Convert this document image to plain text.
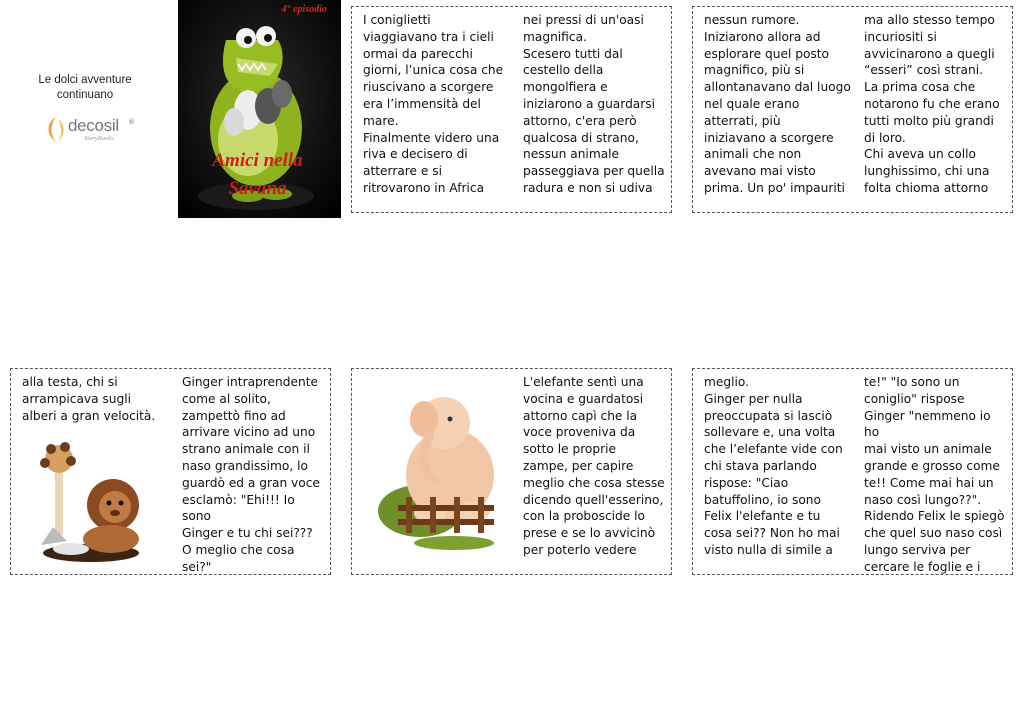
Le dolci avventure continuano

decosil ®
StoryBooks
4° episodio
Amici nella
Savana

I coniglietti
viaggiavano tra i cieli
ormai da parecchi
giorni, l’unica cosa che
riuscivano a scorgere
era l’immensità del
mare.
Finalmente videro una
riva e decisero di
atterrare e si
ritrovarono in Africa

nei pressi di un'oasi
magnifica.
Scesero tutti dal
cestello della
mongolfiera e
iniziarono a guardarsi
attorno, c'era però
qualcosa di strano,
nessun animale
passeggiava per quella
radura e non si udiva

nessun rumore.
Iniziarono allora ad
esplorare quel posto
magnifico, più si
allontanavano dal luogo
nel quale erano
atterrati, più
iniziavano a scorgere
animali che non
avevano mai visto
prima. Un po' impauriti

ma allo stesso tempo
incuriositi si
avvicinarono a quegli
“esseri” così strani.
La prima cosa che
notarono fu che erano
tutti molto più grandi
di loro.
Chi aveva un collo
lunghissimo, chi una
folta chioma attorno

alla testa, chi si
arrampicava sugli
alberi a gran velocità.

Ginger intraprendente
come al solito,
zampettò fino ad
arrivare vicino ad uno
strano animale con il
naso grandissimo, lo
guardò ed a gran voce
esclamò: "Ehi!!! Io sono
Ginger e tu chi sei???
O meglio che cosa
sei?"

L'elefante sentì una
vocina e guardatosi
attorno capì che la
voce proveniva da
sotto le proprie
zampe, per capire
meglio che cosa stesse
dicendo quell'esserino,
con la proboscide lo
prese e se lo avvicinò
per poterlo vedere

meglio.
Ginger per nulla
preoccupata si lasciò
sollevare e, una volta
che l’elefante vide con
chi stava parlando
rispose: "Ciao
batuffolino, io sono
Felix l'elefante e tu
cosa sei?? Non ho mai
visto nulla di simile a

te!" "Io sono un
coniglio" rispose
Ginger "nemmeno io ho
mai visto un animale
grande e grosso come
te!! Come mai hai un
naso così lungo??".
Ridendo Felix le spiegò
che quel suo naso così
lungo serviva per
cercare le foglie e i
